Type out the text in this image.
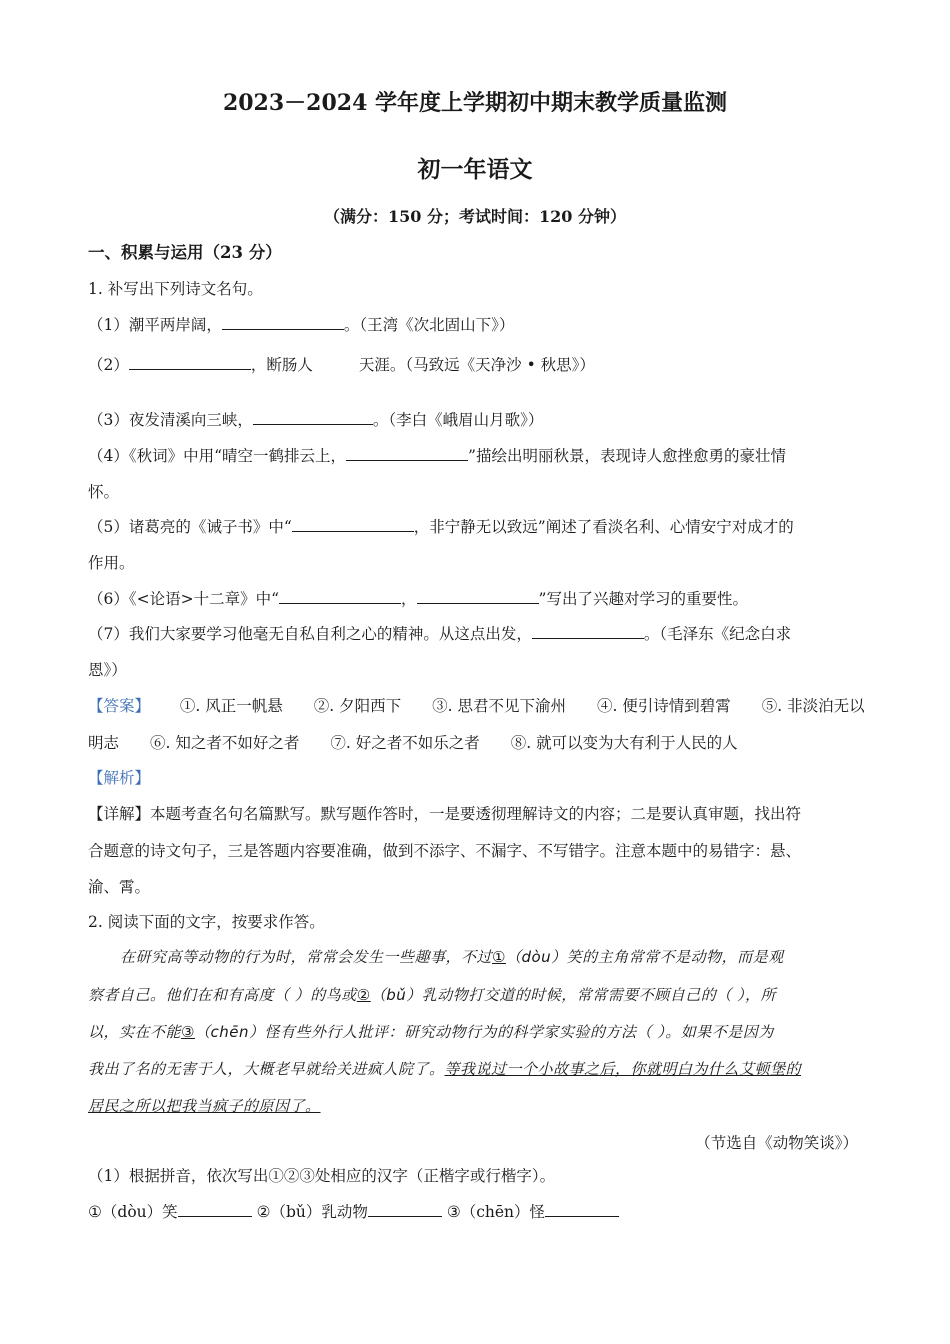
2023－2024 学年度上学期初中期末教学质量监测
初一年语文
（满分：150 分；考试时间：120 分钟）
一、积累与运用（23 分）
1. 补写出下列诗文名句。
（1）潮平两岸阔，	。（王湾《次北固山下》）
（2）	，断肠人	天涯。（马致远《天净沙 • 秋思》）
（3）夜发清溪向三峡，	。（李白《峨眉山月歌》）
（4）《秋词》中用“晴空一鹤排云上，	”描绘出明丽秋景，表现诗人愈挫愈勇的豪壮情
怀。
（5）诸葛亮的《诫子书》中“	，非宁静无以致远”阐述了看淡名利、心情安宁对成才的
作用。
（6）《<论语>十二章》中“	，	”写出了兴趣对学习的重要性。
（7）我们大家要学习他毫无自私自利之心的精神。从这点出发，	。（毛泽东《纪念白求
恩》）
【答案】 ①. 风正一帆悬　　②. 夕阳西下　　③. 思君不见下渝州　　④. 便引诗情到碧霄　　⑤. 非淡泊无以
明志　　⑥. 知之者不如好之者　　⑦. 好之者不如乐之者　　⑧. 就可以变为大有利于人民的人
【解析】
【详解】本题考查名句名篇默写。默写题作答时，一是要透彻理解诗文的内容；二是要认真审题，找出符
合题意的诗文句子，三是答题内容要准确，做到不添字、不漏字、不写错字。注意本题中的易错字：悬、
渝、霄。
2. 阅读下面的文字，按要求作答。
在研究高等动物的行为时，常常会发生一些趣事，不过①（dòu）笑的主角常常不是动物，而是观
察者自己。他们在和有高度（ ）的鸟或②（bǔ）乳动物打交道的时候，常常需要不顾自己的（ ），所
以，实在不能③（chēn）怪有些外行人批评：研究动物行为的科学家实验的方法（ ）。如果不是因为
我出了名的无害于人，大概老早就给关进疯人院了。等我说过一个小故事之后，你就明白为什么艾顿堡的
居民之所以把我当疯子的原因了。
（节选自《动物笑谈》）
（1）根据拼音，依次写出①②③处相应的汉字（正楷字或行楷字）。
①（dòu）笑	②（bǔ）乳动物	③（chēn）怪
